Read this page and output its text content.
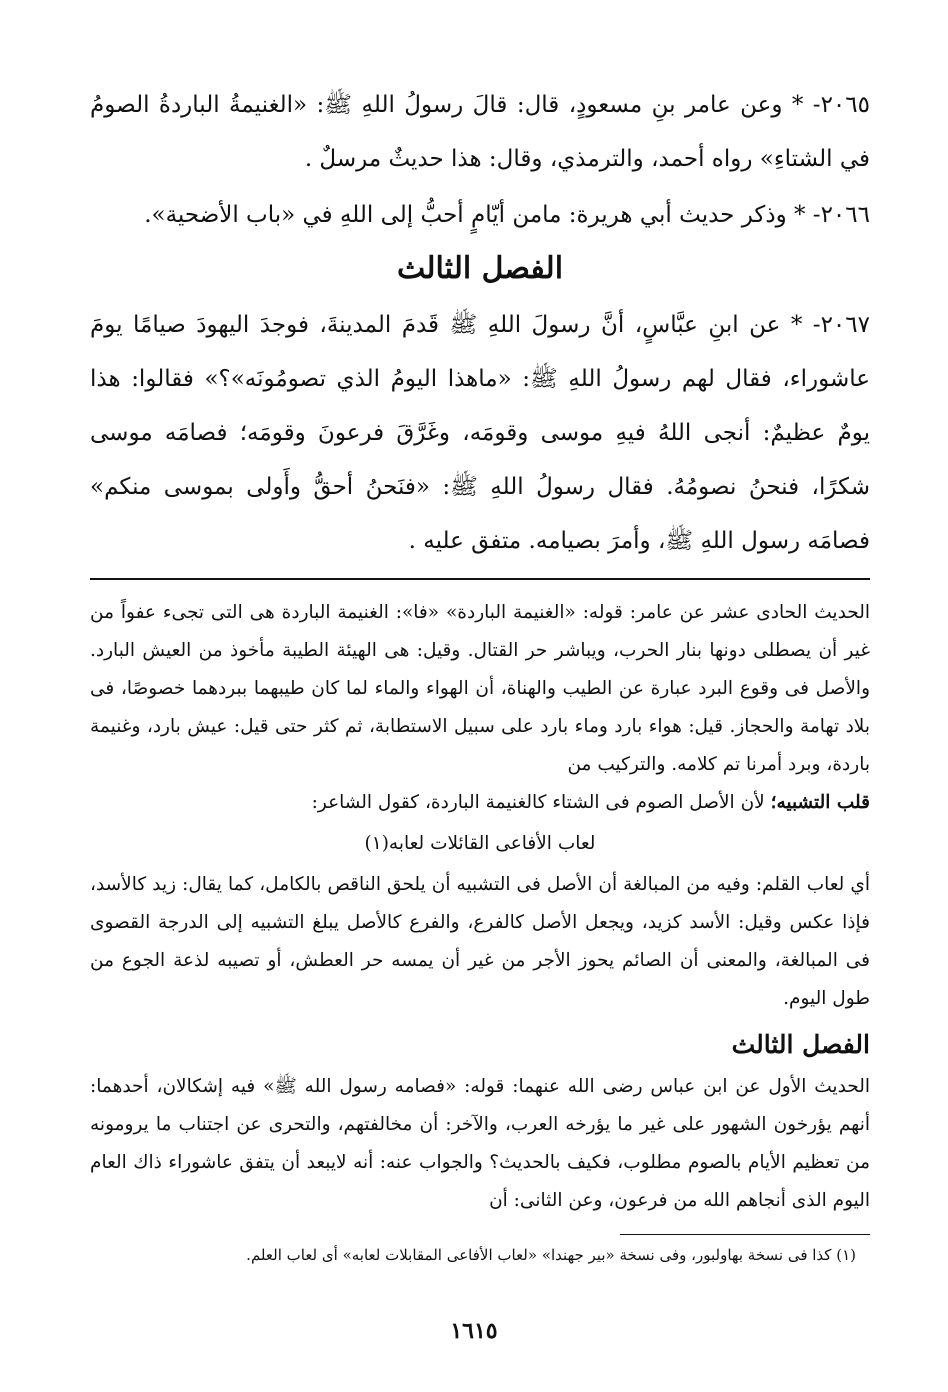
٢٠٦٥- * وعن عامر بنِ مسعودٍ، قال: قالَ رسولُ اللهِ ﷺ: «الغنيمةُ الباردةُ الصومُ في الشتاءِ» رواه أحمد، والترمذي، وقال: هذا حديثٌ مرسلٌ .

٢٠٦٦- * وذكر حديث أبي هريرة: مامن أيّامٍ أحبُّ إلى اللهِ في «باب الأضحية».

الفصل الثالث

٢٠٦٧- * عن ابنِ عبَّاسٍ، أنَّ رسولَ اللهِ ﷺ قَدمَ المدينةَ، فوجدَ اليهودَ صيامًا يومَ عاشوراء، فقال لهم رسولُ اللهِ ﷺ: «ماهذا اليومُ الذي تصومُونَه»؟» فقالوا: هذا يومٌ عظيمٌ: أنجى اللهُ فيهِ موسى وقومَه، وغَرَّقَ فرعونَ وقومَه؛ فصامَه موسى شكرًا، فنحنُ نصومُهُ. فقال رسولُ اللهِ ﷺ: «فنَحنُ أحقُّ وأَولى بموسى منكم» فصامَه رسول اللهِ ﷺ، وأمرَ بصيامه. متفق عليه .

الحديث الحادى عشر عن عامر: قوله: «الغنيمة الباردة» «فا»: الغنيمة الباردة هى التى تجىء عفواً من غير أن يصطلى دونها بنار الحرب، ويباشر حر القتال. وقيل: هى الهيئة الطيبة مأخوذ من العيش البارد. والأصل فى وقوع البرد عبارة عن الطيب والهناة، أن الهواء والماء لما كان طيبهما ببردهما خصوصًا، فى بلاد تهامة والحجاز. قيل: هواء بارد وماء بارد على سبيل الاستطابة، ثم كثر حتى قيل: عيش بارد، وغنيمة باردة، وبرد أمرنا تم كلامه. والتركيب من
قلب التشبيه؛ لأن الأصل الصوم فى الشتاء كالغنيمة الباردة، كقول الشاعر:

لعاب الأفاعى القائلات لعابه(١)

أي لعاب القلم: وفيه من المبالغة أن الأصل فى التشبيه أن يلحق الناقص بالكامل، كما يقال: زيد كالأسد، فإذا عكس وقيل: الأسد كزيد، ويجعل الأصل كالفرع، والفرع كالأصل يبلغ التشبيه إلى الدرجة القصوى فى المبالغة، والمعنى أن الصائم يحوز الأجر من غير أن يمسه حر العطش، أو تصيبه لذعة الجوع من طول اليوم.

الفصل الثالث

الحديث الأول عن ابن عباس رضى الله عنهما: قوله: «فصامه رسول الله ﷺ» فيه إشكالان، أحدهما: أنهم يؤرخون الشهور على غير ما يؤرخه العرب، والآخر: أن مخالفتهم، والتحرى عن اجتناب ما يرومونه من تعظيم الأيام بالصوم مطلوب، فكيف بالحديث؟ والجواب عنه: أنه لايبعد أن يتفق عاشوراء ذاك العام اليوم الذى أنجاهم الله من فرعون، وعن الثانى: أن

(١) كذا فى نسخة بهاولبور، وفى نسخة «بير جهندا» «لعاب الأفاعى المقابلات لعابه» أى لعاب العلم.

١٦١٥
